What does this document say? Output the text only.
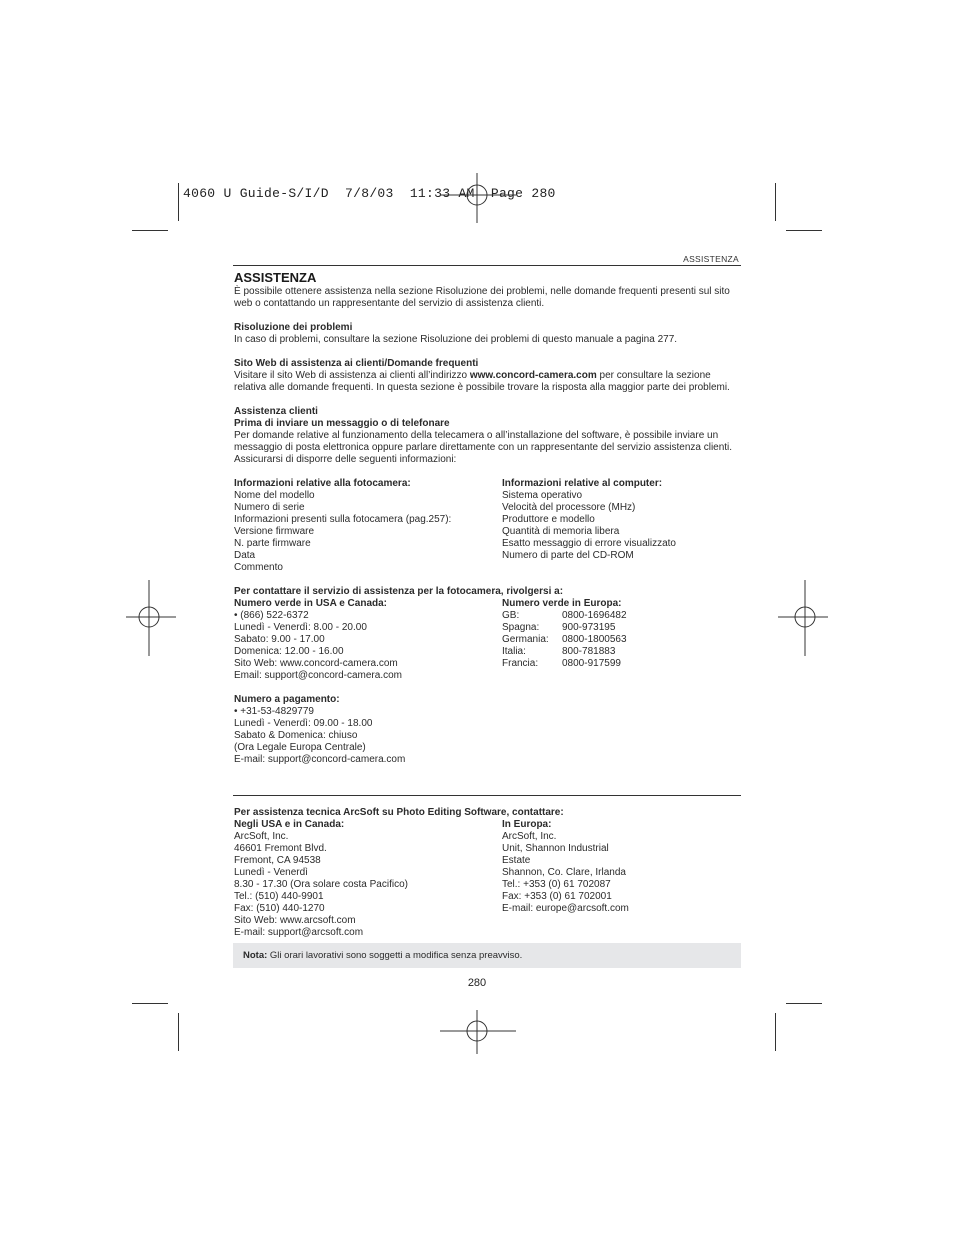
4060 U Guide-S/I/D  7/8/03  11:33 AM  Page 280
ASSISTENZA

ASSISTENZA

È possibile ottenere assistenza nella sezione Risoluzione dei problemi, nelle domande frequenti presenti sul sito web o contattando un rappresentante del servizio di assistenza clienti.

Risoluzione dei problemi

In caso di problemi, consultare la sezione Risoluzione dei problemi di questo manuale a pagina 277.

Sito Web di assistenza ai clienti/Domande frequenti

Visitare il sito Web di assistenza ai clienti all’indirizzo www.concord-camera.com per consultare la sezione relativa alle domande frequenti. In questa sezione è possibile trovare la risposta alla maggior parte dei problemi.

Assistenza clienti

Prima di inviare un messaggio o di telefonare

Per domande relative al funzionamento della telecamera o all’installazione del software, è possibile inviare un messaggio di posta elettronica oppure parlare direttamente con un rappresentante del servizio assistenza clienti. Assicurarsi di disporre delle seguenti informazioni:

Informazioni relative alla fotocamera:

Nome del modello

Numero di serie

Informazioni presenti sulla fotocamera (pag.257):

Versione firmware

N. parte firmware

Data

Commento

Informazioni relative al computer:

Sistema operativo

Velocità del processore (MHz)

Produttore e modello

Quantità di memoria libera

Esatto messaggio di errore visualizzato

Numero di parte del CD-ROM

Per contattare il servizio di assistenza per la fotocamera, rivolgersi a:

Numero verde in USA e Canada:

• (866) 522-6372

Lunedì - Venerdì: 8.00 - 20.00

Sabato: 9.00 - 17.00

Domenica: 12.00 - 16.00

Sito Web: www.concord-camera.com

Email: support@concord-camera.com

Numero verde in Europa:

GB:	0800-1696482
Spagna:	900-973195
Germania:	0800-1800563
Italia:	800-781883
Francia:	0800-917599

Numero a pagamento:

• +31-53-4829779

Lunedì - Venerdì: 09.00 - 18.00

Sabato & Domenica: chiuso

(Ora Legale Europa Centrale)

E-mail: support@concord-camera.com

Per assistenza tecnica ArcSoft su Photo Editing Software, contattare:

Negli USA e in Canada:

ArcSoft, Inc.

46601 Fremont Blvd.

Fremont, CA 94538

Lunedì - Venerdì

8.30 - 17.30 (Ora solare costa Pacifico)

Tel.: (510) 440-9901

Fax: (510) 440-1270

Sito Web: www.arcsoft.com

E-mail: support@arcsoft.com

In Europa:

ArcSoft, Inc.

Unit, Shannon Industrial

Estate

Shannon, Co. Clare, Irlanda

Tel.: +353 (0) 61 702087

Fax: +353 (0) 61 702001

E-mail: europe@arcsoft.com

Nota: Gli orari lavorativi sono soggetti a modifica senza preavviso.
280
